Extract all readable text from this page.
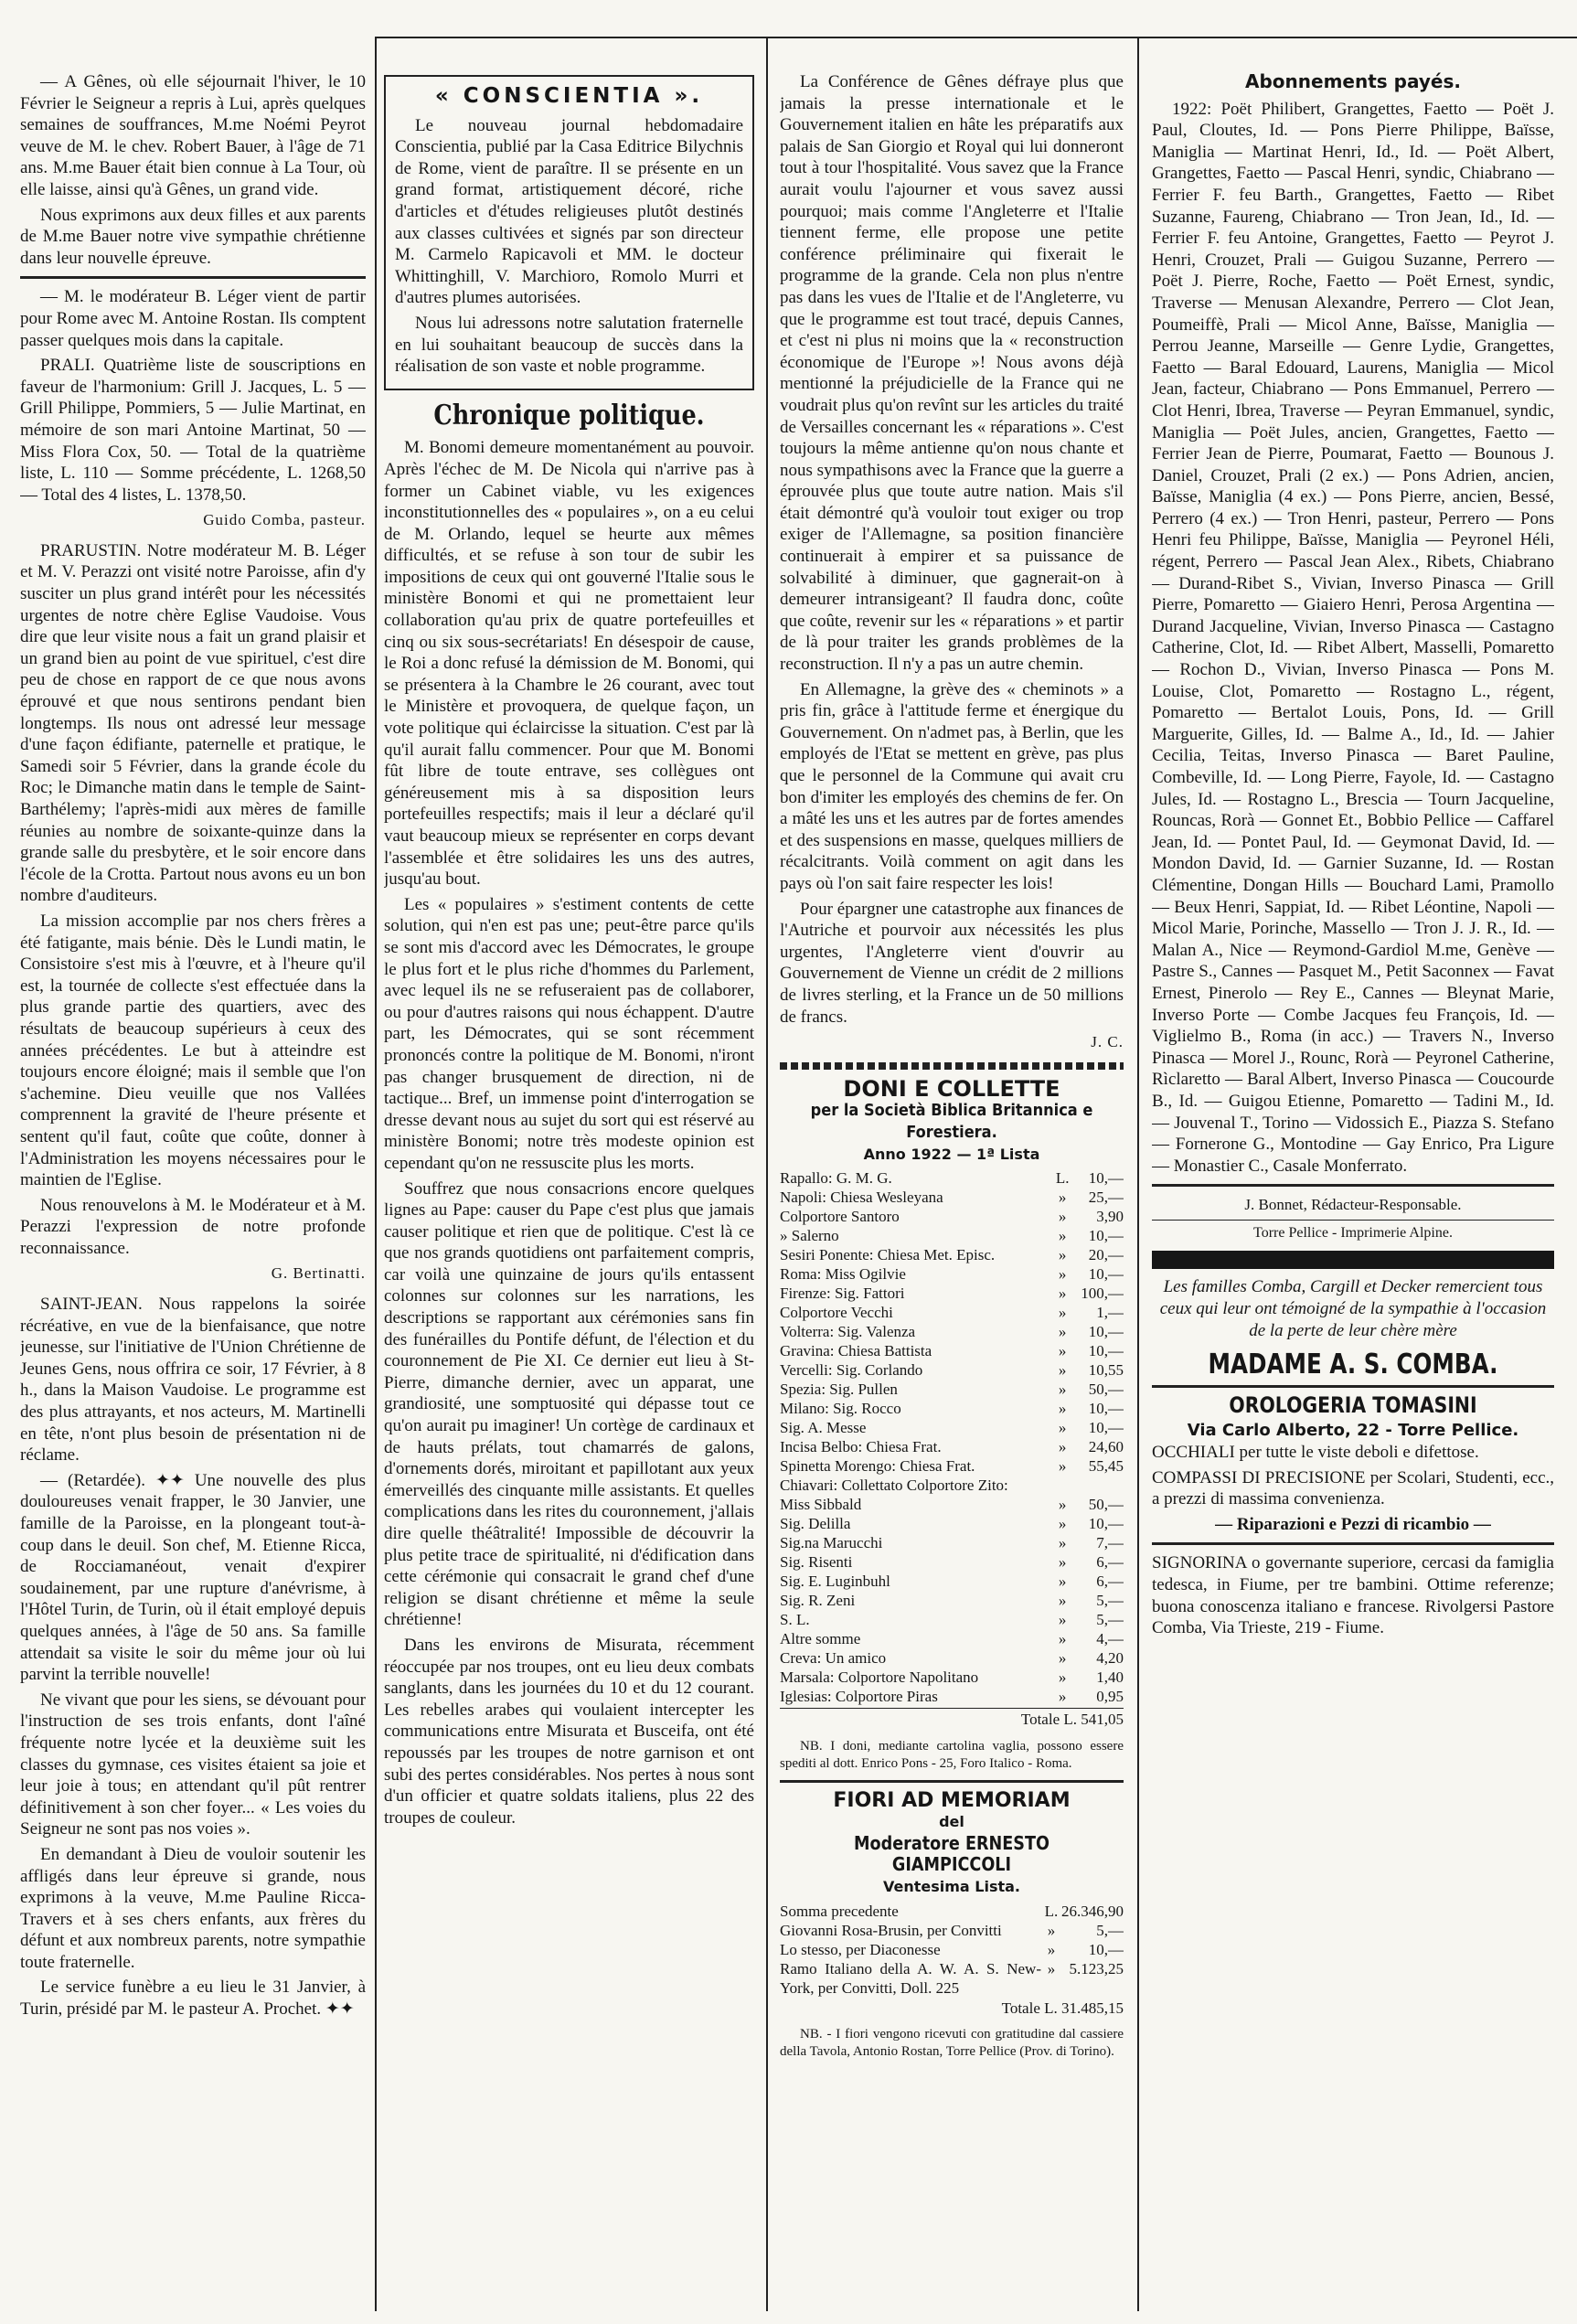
— A Gênes, où elle séjournait l'hiver, le 10 Février le Seigneur a repris à Lui, après quelques semaines de souffrances, M.me Noémi Peyrot veuve de M. le chev. Robert Bauer, à l'âge de 71 ans. M.me Bauer était bien connue à La Tour, où elle laisse, ainsi qu'à Gênes, un grand vide.

Nous exprimons aux deux filles et aux parents de M.me Bauer notre vive sympathie chrétienne dans leur nouvelle épreuve.

— M. le modérateur B. Léger vient de partir pour Rome avec M. Antoine Rostan. Ils comptent passer quelques mois dans la capitale.

PRALI. Quatrième liste de souscriptions en faveur de l'harmonium: Grill J. Jacques, L. 5 — Grill Philippe, Pommiers, 5 — Julie Martinat, en mémoire de son mari Antoine Martinat, 50 — Miss Flora Cox, 50. — Total de la quatrième liste, L. 110 — Somme précédente, L. 1268,50 — Total des 4 listes, L. 1378,50.

Guido Comba, pasteur.

PRARUSTIN. Notre modérateur M. B. Léger et M. V. Perazzi ont visité notre Paroisse, afin d'y susciter un plus grand intérêt pour les nécessités urgentes de notre chère Eglise Vaudoise. Vous dire que leur visite nous a fait un grand plaisir et un grand bien au point de vue spirituel, c'est dire peu de chose en rapport de ce que nous avons éprouvé et que nous sentirons pendant bien longtemps. Ils nous ont adressé leur message d'une façon édifiante, paternelle et pratique, le Samedi soir 5 Février, dans la grande école du Roc; le Dimanche matin dans le temple de Saint-Barthélemy; l'après-midi aux mères de famille réunies au nombre de soixante-quinze dans la grande salle du presbytère, et le soir encore dans l'école de la Crotta. Partout nous avons eu un bon nombre d'auditeurs.

La mission accomplie par nos chers frères a été fatigante, mais bénie. Dès le Lundi matin, le Consistoire s'est mis à l'œuvre, et à l'heure qu'il est, la tournée de collecte s'est effectuée dans la plus grande partie des quartiers, avec des résultats de beaucoup supérieurs à ceux des années précédentes. Le but à atteindre est toujours encore éloigné; mais il semble que l'on s'achemine. Dieu veuille que nos Vallées comprennent la gravité de l'heure présente et sentent qu'il faut, coûte que coûte, donner à l'Administration les moyens nécessaires pour le maintien de l'Eglise.

Nous renouvelons à M. le Modérateur et à M. Perazzi l'expression de notre profonde reconnaissance.

G. Bertinatti.

SAINT-JEAN. Nous rappelons la soirée récréative, en vue de la bienfaisance, que notre jeunesse, sur l'initiative de l'Union Chrétienne de Jeunes Gens, nous offrira ce soir, 17 Février, à 8 h., dans la Maison Vaudoise. Le programme est des plus attrayants, et nos acteurs, M. Martinelli en tête, n'ont plus besoin de présentation ni de réclame.

— (Retardée). ✦✦ Une nouvelle des plus douloureuses venait frapper, le 30 Janvier, une famille de la Paroisse, en la plongeant tout-à-coup dans le deuil. Son chef, M. Etienne Ricca, de Rocciamanéout, venait d'expirer soudainement, par une rupture d'anévrisme, à l'Hôtel Turin, de Turin, où il était employé depuis quelques années, à l'âge de 50 ans. Sa famille attendait sa visite le soir du même jour où lui parvint la terrible nouvelle!

Ne vivant que pour les siens, se dévouant pour l'instruction de ses trois enfants, dont l'aîné fréquente notre lycée et la deuxième suit les classes du gymnase, ces visites étaient sa joie et leur joie à tous; en attendant qu'il pût rentrer définitivement à son cher foyer... « Les voies du Seigneur ne sont pas nos voies ».

En demandant à Dieu de vouloir soutenir les affligés dans leur épreuve si grande, nous exprimons à la veuve, M.me Pauline Ricca-Travers et à ses chers enfants, aux frères du défunt et aux nombreux parents, notre sympathie toute fraternelle.

Le service funèbre a eu lieu le 31 Janvier, à Turin, présidé par M. le pasteur A. Prochet. ✦✦

« CONSCIENTIA ».

Le nouveau journal hebdomadaire Conscientia, publié par la Casa Editrice Bilychnis de Rome, vient de paraître. Il se présente en un grand format, artistiquement décoré, riche d'articles et d'études religieuses plutôt destinés aux classes cultivées et signés par son directeur M. Carmelo Rapicavoli et MM. le docteur Whittinghill, V. Marchioro, Romolo Murri et d'autres plumes autorisées.

Nous lui adressons notre salutation fraternelle en lui souhaitant beaucoup de succès dans la réalisation de son vaste et noble programme.

Chronique politique.

M. Bonomi demeure momentanément au pouvoir. Après l'échec de M. De Nicola qui n'arrive pas à former un Cabinet viable, vu les exigences inconstitutionnelles des « populaires », on a eu celui de M. Orlando, lequel se heurte aux mêmes difficultés, et se refuse à son tour de subir les impositions de ceux qui ont gouverné l'Italie sous le ministère Bonomi et qui ne promettaient leur collaboration qu'au prix de quatre portefeuilles et cinq ou six sous-secrétariats! En désespoir de cause, le Roi a donc refusé la démission de M. Bonomi, qui se présentera à la Chambre le 26 courant, avec tout le Ministère et provoquera, de quelque façon, un vote politique qui éclaircisse la situation. C'est par là qu'il aurait fallu commencer. Pour que M. Bonomi fût libre de toute entrave, ses collègues ont généreusement mis à sa disposition leurs portefeuilles respectifs; mais il leur a déclaré qu'il vaut beaucoup mieux se représenter en corps devant l'assemblée et être solidaires les uns des autres, jusqu'au bout.

Les « populaires » s'estiment contents de cette solution, qui n'en est pas une; peut-être parce qu'ils se sont mis d'accord avec les Démocrates, le groupe le plus fort et le plus riche d'hommes du Parlement, avec lequel ils ne se refuseraient pas de collaborer, ou pour d'autres raisons qui nous échappent. D'autre part, les Démocrates, qui se sont récemment prononcés contre la politique de M. Bonomi, n'iront pas changer brusquement de direction, ni de tactique... Bref, un immense point d'interrogation se dresse devant nous au sujet du sort qui est réservé au ministère Bonomi; notre très modeste opinion est cependant qu'on ne ressuscite plus les morts.

Souffrez que nous consacrions encore quelques lignes au Pape: causer du Pape c'est plus que jamais causer politique et rien que de politique. C'est là ce que nos grands quotidiens ont parfaitement compris, car voilà une quinzaine de jours qu'ils entassent colonnes sur colonnes sur les narrations, les descriptions se rapportant aux cérémonies sans fin des funérailles du Pontife défunt, de l'élection et du couronnement de Pie XI. Ce dernier eut lieu à St-Pierre, dimanche dernier, avec un apparat, une grandiosité, une somptuosité qui dépasse tout ce qu'on aurait pu imaginer! Un cortège de cardinaux et de hauts prélats, tout chamarrés de galons, d'ornements dorés, miroitant et papillotant aux yeux émerveillés des cinquante mille assistants. Et quelles complications dans les rites du couronnement, j'allais dire quelle théâtralité! Impossible de découvrir la plus petite trace de spiritualité, ni d'édification dans cette cérémonie qui consacrait le grand chef d'une religion se disant chrétienne et même la seule chrétienne!

Dans les environs de Misurata, récemment réoccupée par nos troupes, ont eu lieu deux combats sanglants, dans les journées du 10 et du 12 courant. Les rebelles arabes qui voulaient intercepter les communications entre Misurata et Busceifa, ont été repoussés par les troupes de notre garnison et ont subi des pertes considérables. Nos pertes à nous sont d'un officier et quatre soldats italiens, plus 22 des troupes de couleur.

La Conférence de Gênes défraye plus que jamais la presse internationale et le Gouvernement italien en hâte les préparatifs aux palais de San Giorgio et Royal qui lui donneront tout à tour l'hospitalité. Vous savez que la France aurait voulu l'ajourner et vous savez aussi pourquoi; mais comme l'Angleterre et l'Italie tiennent ferme, elle propose une petite conférence préliminaire qui fixerait le programme de la grande. Cela non plus n'entre pas dans les vues de l'Italie et de l'Angleterre, vu que le programme est tout tracé, depuis Cannes, et c'est ni plus ni moins que la « reconstruction économique de l'Europe »! Nous avons déjà mentionné la préjudicielle de la France qui ne voudrait plus qu'on revînt sur les articles du traité de Versailles concernant les « réparations ». C'est toujours la même antienne qu'on nous chante et nous sympathisons avec la France que la guerre a éprouvée plus que toute autre nation. Mais s'il était démontré qu'à vouloir tout exiger ou trop exiger de l'Allemagne, sa position financière continuerait à empirer et sa puissance de solvabilité à diminuer, que gagnerait-on à demeurer intransigeant? Il faudra donc, coûte que coûte, revenir sur les « réparations » et partir de là pour traiter les grands problèmes de la reconstruction. Il n'y a pas un autre chemin.

En Allemagne, la grève des « cheminots » a pris fin, grâce à l'attitude ferme et énergique du Gouvernement. On n'admet pas, à Berlin, que les employés de l'Etat se mettent en grève, pas plus que le personnel de la Commune qui avait cru bon d'imiter les employés des chemins de fer. On a mâté les uns et les autres par de fortes amendes et des suspensions en masse, quelques milliers de récalcitrants. Voilà comment on agit dans les pays où l'on sait faire respecter les lois!

Pour épargner une catastrophe aux finances de l'Autriche et pourvoir aux nécessités les plus urgentes, l'Angleterre vient d'ouvrir au Gouvernement de Vienne un crédit de 2 millions de livres sterling, et la France un de 50 millions de francs.

J. C.
DONI E COLLETTE
per la Società Biblica Britannica e Forestiera.
Anno 1922 — 1ª Lista
Rapallo: G. M. G.	L.	10,—
Napoli: Chiesa Wesleyana	»	25,—
Colportore Santoro	»	3,90
» Salerno	»	10,—
Sesiri Ponente: Chiesa Met. Episc.	»	20,—
Roma: Miss Ogilvie	»	10,—
Firenze: Sig. Fattori	»	100,—
Colportore Vecchi	»	1,—
Volterra: Sig. Valenza	»	10,—
Gravina: Chiesa Battista	»	10,—
Vercelli: Sig. Corlando	»	10,55
Spezia: Sig. Pullen	»	50,—
Milano: Sig. Rocco	»	10,—
Sig. A. Messe	»	10,—
Incisa Belbo: Chiesa Frat.	»	24,60
Spinetta Morengo: Chiesa Frat.	»	55,45
Chiavari: Collettato Colportore Zito:		
Miss Sibbald	»	50,—
Sig. Delilla	»	10,—
Sig.na Marucchi	»	7,—
Sig. Risenti	»	6,—
Sig. E. Luginbuhl	»	6,—
Sig. R. Zeni	»	5,—
S. L.	»	5,—
Altre somme	»	4,—
Creva: Un amico	»	4,20
Marsala: Colportore Napolitano	»	1,40
Iglesias: Colportore Piras	»	0,95
Totale L. 541,05

NB. I doni, mediante cartolina vaglia, possono essere spediti al dott. Enrico Pons - 25, Foro Italico - Roma.

FIORI AD MEMORIAM
del
Moderatore ERNESTO GIAMPICCOLI
Ventesima Lista.
Somma precedente	L.	26.346,90
Giovanni Rosa-Brusin, per Convitti	»	5,—
Lo stesso, per Diaconesse	»	10,—
Ramo Italiano della A. W. A. S. New-York, per Convitti, Doll. 225	»	5.123,25
Totale L. 31.485,15

NB. - I fiori vengono ricevuti con gratitudine dal cassiere della Tavola, Antonio Rostan, Torre Pellice (Prov. di Torino).

Abonnements payés.

1922: Poët Philibert, Grangettes, Faetto — Poët J. Paul, Cloutes, Id. — Pons Pierre Philippe, Baïsse, Maniglia — Martinat Henri, Id., Id. — Poët Albert, Grangettes, Faetto — Pascal Henri, syndic, Chiabrano — Ferrier F. feu Barth., Grangettes, Faetto — Ribet Suzanne, Faureng, Chiabrano — Tron Jean, Id., Id. — Ferrier F. feu Antoine, Grangettes, Faetto — Peyrot J. Henri, Crouzet, Prali — Guigou Suzanne, Perrero — Poët J. Pierre, Roche, Faetto — Poët Ernest, syndic, Traverse — Menusan Alexandre, Perrero — Clot Jean, Poumeiffè, Prali — Micol Anne, Baïsse, Maniglia — Perrou Jeanne, Marseille — Genre Lydie, Grangettes, Faetto — Baral Edouard, Laurens, Maniglia — Micol Jean, facteur, Chiabrano — Pons Emmanuel, Perrero — Clot Henri, Ibrea, Traverse — Peyran Emmanuel, syndic, Maniglia — Poët Jules, ancien, Grangettes, Faetto — Ferrier Jean de Pierre, Poumarat, Faetto — Bounous J. Daniel, Crouzet, Prali (2 ex.) — Pons Adrien, ancien, Baïsse, Maniglia (4 ex.) — Pons Pierre, ancien, Bessé, Perrero (4 ex.) — Tron Henri, pasteur, Perrero — Pons Henri feu Philippe, Baïsse, Maniglia — Peyronel Héli, régent, Perrero — Pascal Jean Alex., Ribets, Chiabrano — Durand-Ribet S., Vivian, Inverso Pinasca — Grill Pierre, Pomaretto — Giaiero Henri, Perosa Argentina — Durand Jacqueline, Vivian, Inverso Pinasca — Castagno Catherine, Clot, Id. — Ribet Albert, Masselli, Pomaretto — Rochon D., Vivian, Inverso Pinasca — Pons M. Louise, Clot, Pomaretto — Rostagno L., régent, Pomaretto — Bertalot Louis, Pons, Id. — Grill Marguerite, Gilles, Id. — Balme A., Id., Id. — Jahier Cecilia, Teitas, Inverso Pinasca — Baret Pauline, Combeville, Id. — Long Pierre, Fayole, Id. — Castagno Jules, Id. — Rostagno L., Brescia — Tourn Jacqueline, Rouncas, Rorà — Gonnet Et., Bobbio Pellice — Caffarel Jean, Id. — Pontet Paul, Id. — Geymonat David, Id. — Mondon David, Id. — Garnier Suzanne, Id. — Rostan Clémentine, Dongan Hills — Bouchard Lami, Pramollo — Beux Henri, Sappiat, Id. — Ribet Léontine, Napoli — Micol Marie, Porinche, Massello — Tron J. J. R., Id. — Malan A., Nice — Reymond-Gardiol M.me, Genève — Pastre S., Cannes — Pasquet M., Petit Saconnex — Favat Ernest, Pinerolo — Rey E., Cannes — Bleynat Marie, Inverso Porte — Combe Jacques feu François, Id. — Viglielmo B., Roma (in acc.) — Travers N., Inverso Pinasca — Morel J., Rounc, Rorà — Peyronel Catherine, Rìclaretto — Baral Albert, Inverso Pinasca — Coucourde B., Id. — Guigou Etienne, Pomaretto — Tadini M., Id. — Jouvenal T., Torino — Vidossich E., Piazza S. Stefano — Fornerone G., Montodine — Gay Enrico, Pra Ligure — Monastier C., Casale Monferrato.

J. Bonnet, Rédacteur-Responsable.
Torre Pellice - Imprimerie Alpine.

Les familles Comba, Cargill et Decker remercient tous ceux qui leur ont témoigné de la sympathie à l'occasion de la perte de leur chère mère

MADAME A. S. COMBA.
OROLOGERIA TOMASINI
Via Carlo Alberto, 22 - Torre Pellice.

OCCHIALI per tutte le viste deboli e difettose.

COMPASSI DI PRECISIONE per Scolari, Studenti, ecc., a prezzi di massima convenienza.

— Riparazioni e Pezzi di ricambio —

SIGNORINA o governante superiore, cercasi da famiglia tedesca, in Fiume, per tre bambini. Ottime referenze; buona conoscenza italiano e francese. Rivolgersi Pastore Comba, Via Trieste, 219 - Fiume.
